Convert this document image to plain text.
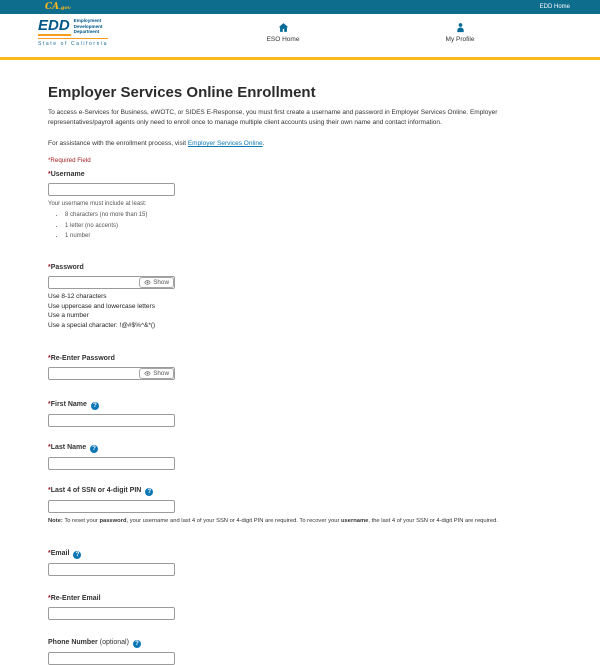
CA.gov	EDD Home
EDD Employment
Development
Department
State of California
ESO Home	My Profile
Employer Services Online Enrollment

To access e-Services for Business, eWOTC, or SIDES E-Response, you must first create a username and password in Employer Services Online. Employer representatives/payroll agents only need to enroll once to manage multiple client accounts using their own name and contact information.

For assistance with the enrollment process, visit Employer Services Online.

*Required Field

*Username
Your username must include at least:
• 8 characters (no more than 15)
• 1 letter (no accents)
• 1 number
*Password
Show
Use 8-12 characters
Use uppercase and lowercase letters
Use a number
Use a special character: !@#$%^&*()
*Re-Enter Password
Show
*First Name ?
*Last Name ?
*Last 4 of SSN or 4-digit PIN ?

Note: To reset your password, your username and last 4 of your SSN or 4-digit PIN are required. To recover your username, the last 4 of your SSN or 4-digit PIN are required.

*Email ?
*Re-Enter Email
Phone Number (optional) ?
